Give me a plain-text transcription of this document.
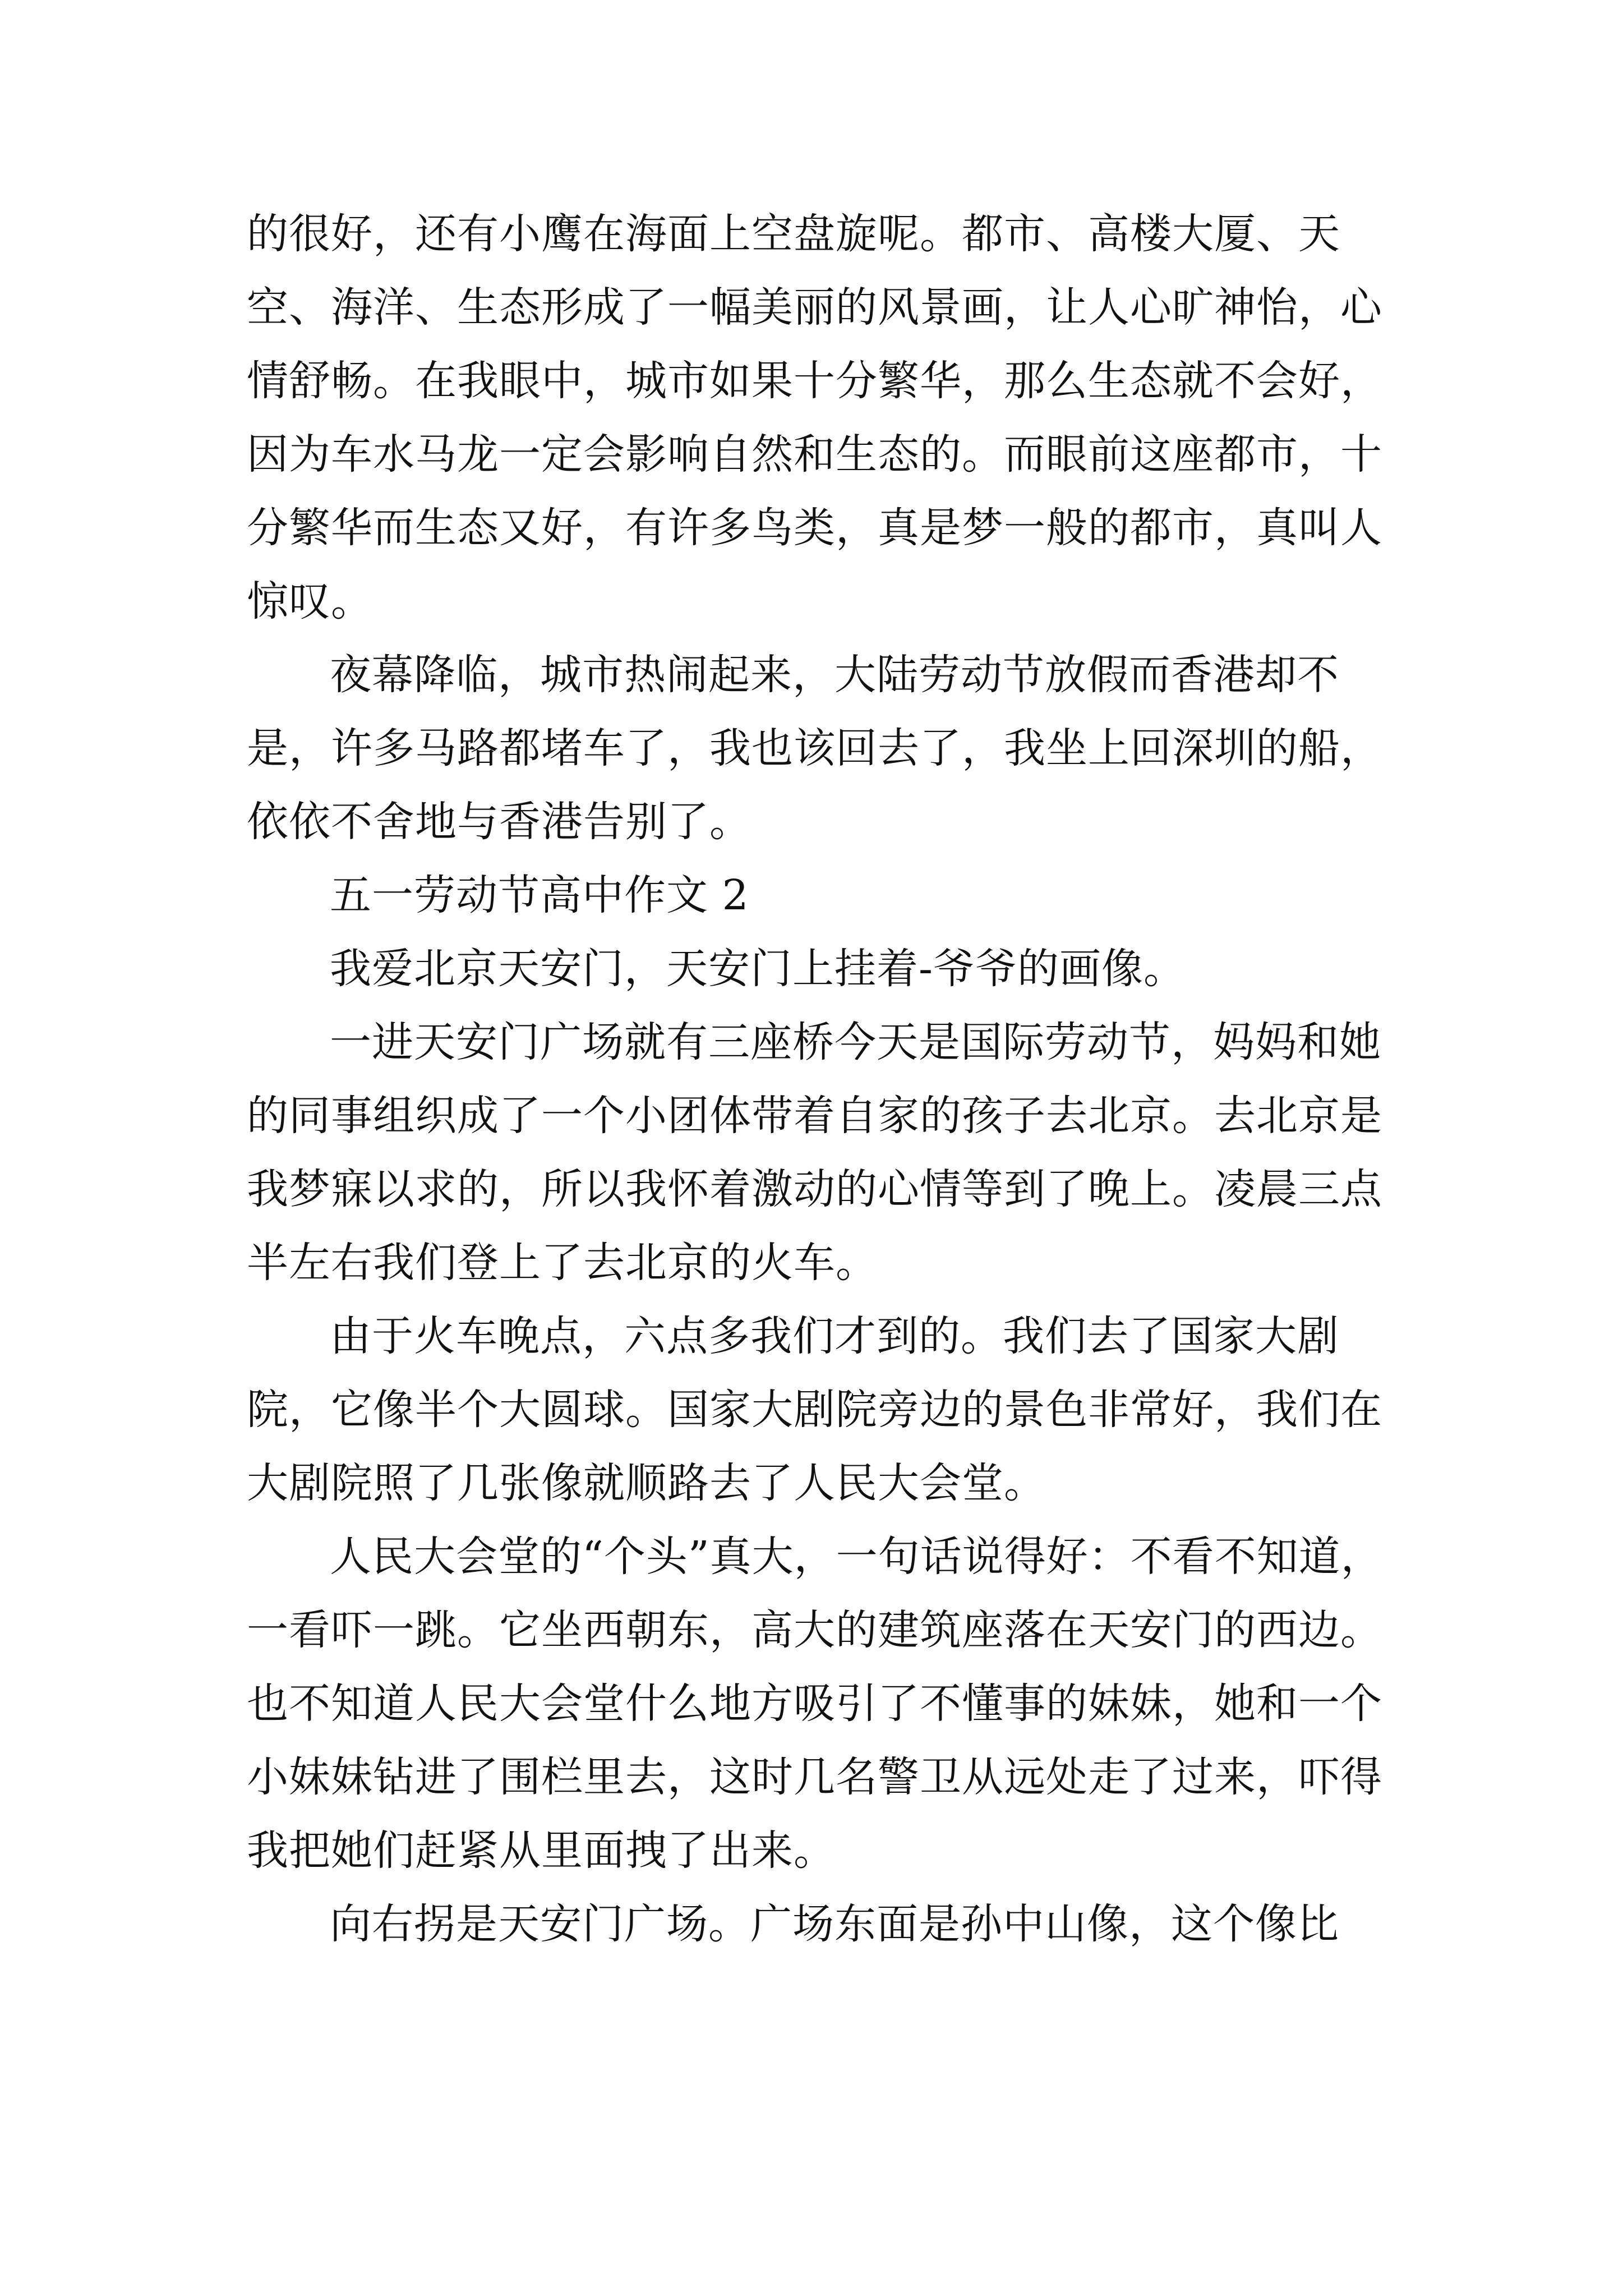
的很好，还有小鹰在海面上空盘旋呢。都市、高楼大厦、天空、海洋、生态形成了一幅美丽的风景画，让人心旷神怡，心情舒畅。在我眼中，城市如果十分繁华，那么生态就不会好，因为车水马龙一定会影响自然和生态的。而眼前这座都市，十分繁华而生态又好，有许多鸟类，真是梦一般的都市，真叫人惊叹。

夜幕降临，城市热闹起来，大陆劳动节放假而香港却不是，许多马路都堵车了，我也该回去了，我坐上回深圳的船，依依不舍地与香港告别了。

五一劳动节高中作文 2

我爱北京天安门，天安门上挂着-爷爷的画像。

一进天安门广场就有三座桥今天是国际劳动节，妈妈和她的同事组织成了一个小团体带着自家的孩子去北京。去北京是我梦寐以求的，所以我怀着激动的心情等到了晚上。凌晨三点半左右我们登上了去北京的火车。

由于火车晚点，六点多我们才到的。我们去了国家大剧院，它像半个大圆球。国家大剧院旁边的景色非常好，我们在大剧院照了几张像就顺路去了人民大会堂。

人民大会堂的“个头”真大，一句话说得好：不看不知道，一看吓一跳。它坐西朝东，高大的建筑座落在天安门的西边。也不知道人民大会堂什么地方吸引了不懂事的妹妹，她和一个小妹妹钻进了围栏里去，这时几名警卫从远处走了过来，吓得我把她们赶紧从里面拽了出来。

向右拐是天安门广场。广场东面是孙中山像，这个像比
